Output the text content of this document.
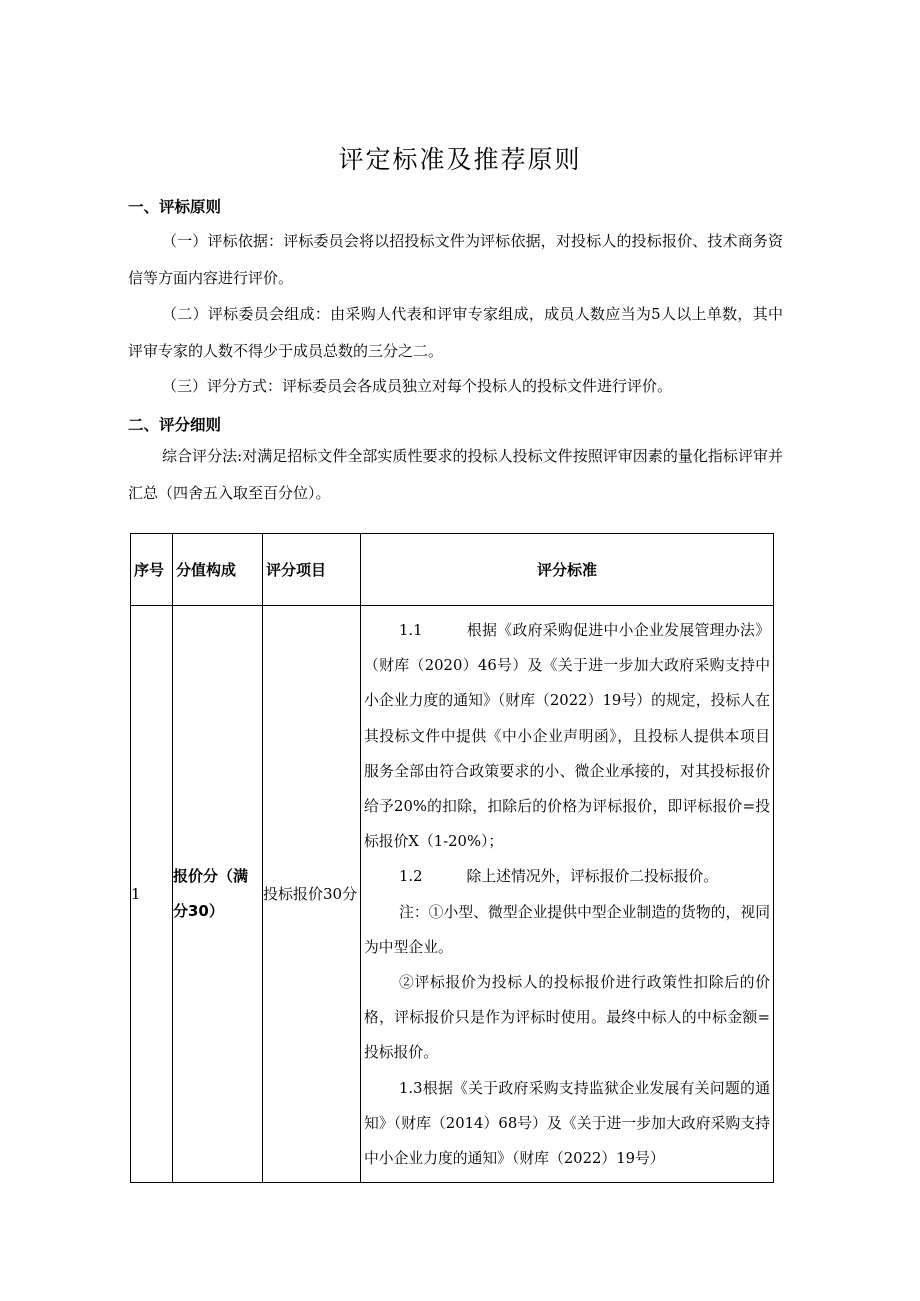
评定标准及推荐原则
一、评标原则
（一）评标依据：评标委员会将以招投标文件为评标依据，对投标人的投标报价、技术商务资信等方面内容进行评价。
（二）评标委员会组成：由采购人代表和评审专家组成，成员人数应当为5人以上单数，其中评审专家的人数不得少于成员总数的三分之二。
（三）评分方式：评标委员会各成员独立对每个投标人的投标文件进行评价。
二、评分细则
综合评分法:对满足招标文件全部实质性要求的投标人投标文件按照评审因素的量化指标评审并汇总（四舍五入取至百分位）。
序号	分值构成	评分项目	评分标准
1	报价分（满分30）	投标报价30分	1.1 根据《政府采购促进中小企业发展管理办法》（财库（2020）46号）及《关于进一步加大政府采购支持中小企业力度的通知》（财库（2022）19号）的规定，投标人在其投标文件中提供《中小企业声明函》，且投标人提供本项目服务全部由符合政策要求的小、微企业承接的，对其投标报价给予20%的扣除，扣除后的价格为评标报价，即评标报价=投标报价X（1-20%）；

1.2 除上述情况外，评标报价二投标报价。

注：①小型、微型企业提供中型企业制造的货物的，视同为中型企业。

②评标报价为投标人的投标报价进行政策性扣除后的价格，评标报价只是作为评标时使用。最终中标人的中标金额=投标报价。

1.3根据《关于政府采购支持监狱企业发展有关问题的通知》（财库（2014）68号）及《关于进一步加大政府采购支持中小企业力度的通知》（财库（2022）19号）
